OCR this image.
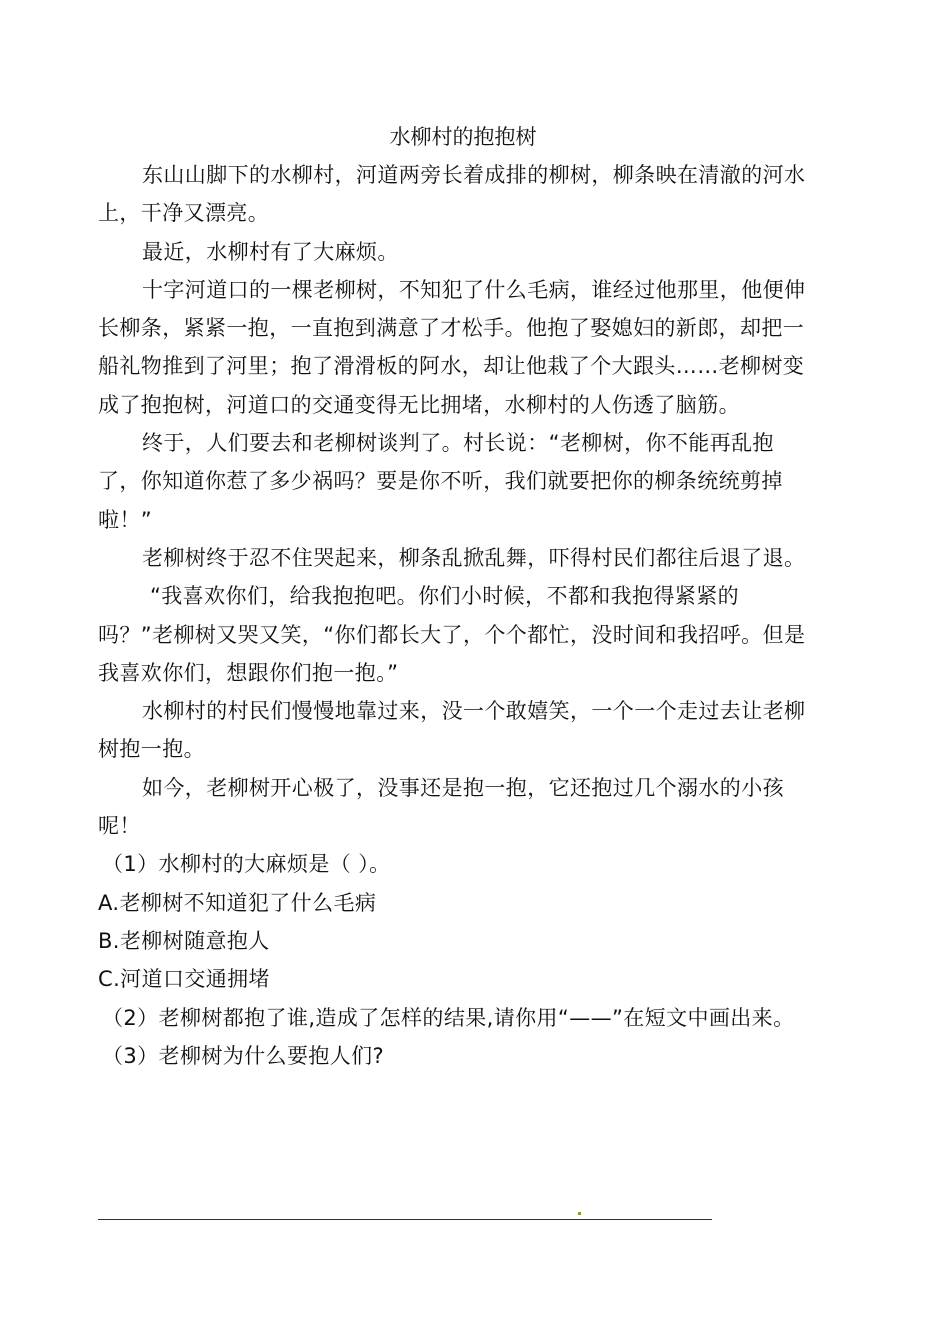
水柳村的抱抱树

东山山脚下的水柳村，河道两旁长着成排的柳树，柳条映在清澈的河水上，干净又漂亮。

最近，水柳村有了大麻烦。

十字河道口的一棵老柳树，不知犯了什么毛病，谁经过他那里，他便伸长柳条，紧紧一抱，一直抱到满意了才松手。他抱了娶媳妇的新郎，却把一船礼物推到了河里；抱了滑滑板的阿水，却让他栽了个大跟头……老柳树变成了抱抱树，河道口的交通变得无比拥堵，水柳村的人伤透了脑筋。

终于，人们要去和老柳树谈判了。村长说：“老柳树，你不能再乱抱了，你知道你惹了多少祸吗？要是你不听，我们就要把你的柳条统统剪掉啦！”

老柳树终于忍不住哭起来，柳条乱掀乱舞，吓得村民们都往后退了退。

“我喜欢你们，给我抱抱吧。你们小时候，不都和我抱得紧紧的吗？”老柳树又哭又笑，“你们都长大了，个个都忙，没时间和我招呼。但是我喜欢你们，想跟你们抱一抱。”

水柳村的村民们慢慢地靠过来，没一个敢嬉笑，一个一个走过去让老柳树抱一抱。

如今，老柳树开心极了，没事还是抱一抱，它还抱过几个溺水的小孩呢！

（1）水柳村的大麻烦是（ ）。

A.老柳树不知道犯了什么毛病

B.老柳树随意抱人

C.河道口交通拥堵

（2）老柳树都抱了谁,造成了怎样的结果,请你用“——”在短文中画出来。

（3）老柳树为什么要抱人们?
